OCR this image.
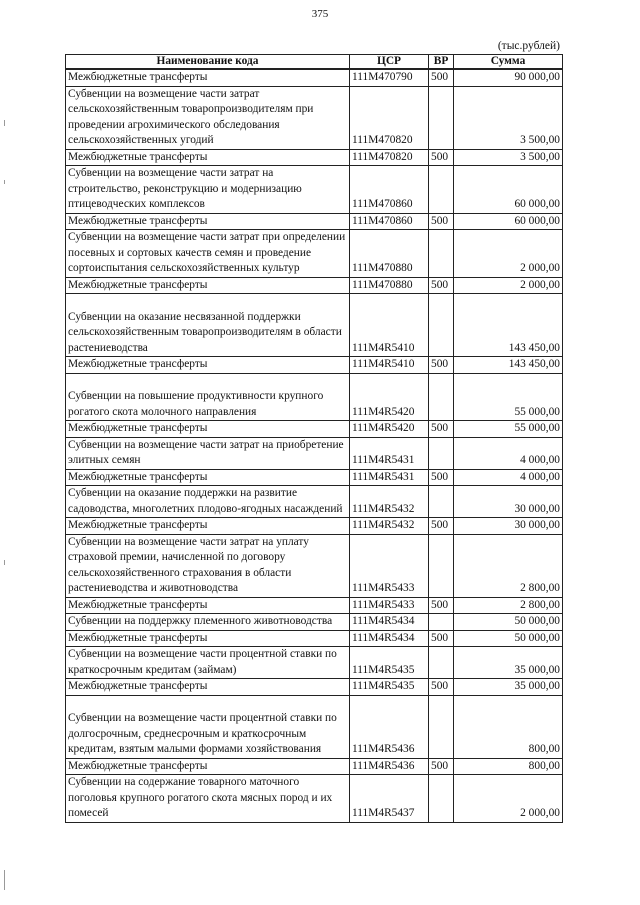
375
(тыс.рублей)
Наименование кода	ЦСР	ВР	Сумма
Межбюджетные трансферты	111М470790	500	90 000,00
Субвенции на возмещение части затрат сельскохозяйственным товаропроизводителям при проведении агрохимического обследования сельскохозяйственных угодий	111М470820		3 500,00
Межбюджетные трансферты	111М470820	500	3 500,00
Субвенции на возмещение части затрат на строительство, реконструкцию и модернизацию птицеводческих комплексов	111М470860		60 000,00
Межбюджетные трансферты	111М470860	500	60 000,00
Субвенции на возмещение части затрат при определении посевных и сортовых качеств семян и проведение сортоиспытания сельскохозяйственных культур	111М470880		2 000,00
Межбюджетные трансферты	111М470880	500	2 000,00

Субвенции на оказание несвязанной поддержки сельскохозяйственным товаропроизводителям в области растениеводства	111М4R5410		143 450,00
Межбюджетные трансферты	111М4R5410	500	143 450,00

Субвенции на повышение продуктивности крупного рогатого скота молочного направления	111М4R5420		55 000,00
Межбюджетные трансферты	111М4R5420	500	55 000,00
Субвенции на возмещение части затрат на приобретение элитных семян	111М4R5431		4 000,00
Межбюджетные трансферты	111М4R5431	500	4 000,00
Субвенции на оказание поддержки на развитие садоводства, многолетних плодово-ягодных насаждений	111М4R5432		30 000,00
Межбюджетные трансферты	111М4R5432	500	30 000,00
Субвенции на возмещение части затрат на уплату страховой премии, начисленной по договору сельскохозяйственного страхования в области растениеводства и животноводства	111М4R5433		2 800,00
Межбюджетные трансферты	111М4R5433	500	2 800,00
Субвенции на поддержку племенного животноводства	111М4R5434		50 000,00
Межбюджетные трансферты	111М4R5434	500	50 000,00
Субвенции на возмещение части процентной ставки по краткосрочным кредитам (займам)	111М4R5435		35 000,00
Межбюджетные трансферты	111М4R5435	500	35 000,00

Субвенции на возмещение части процентной ставки по долгосрочным, среднесрочным и краткосрочным кредитам, взятым малыми формами хозяйствования	111М4R5436		800,00
Межбюджетные трансферты	111М4R5436	500	800,00
Субвенции на содержание товарного маточного поголовья крупного рогатого скота мясных пород и их помесей	111М4R5437		2 000,00
